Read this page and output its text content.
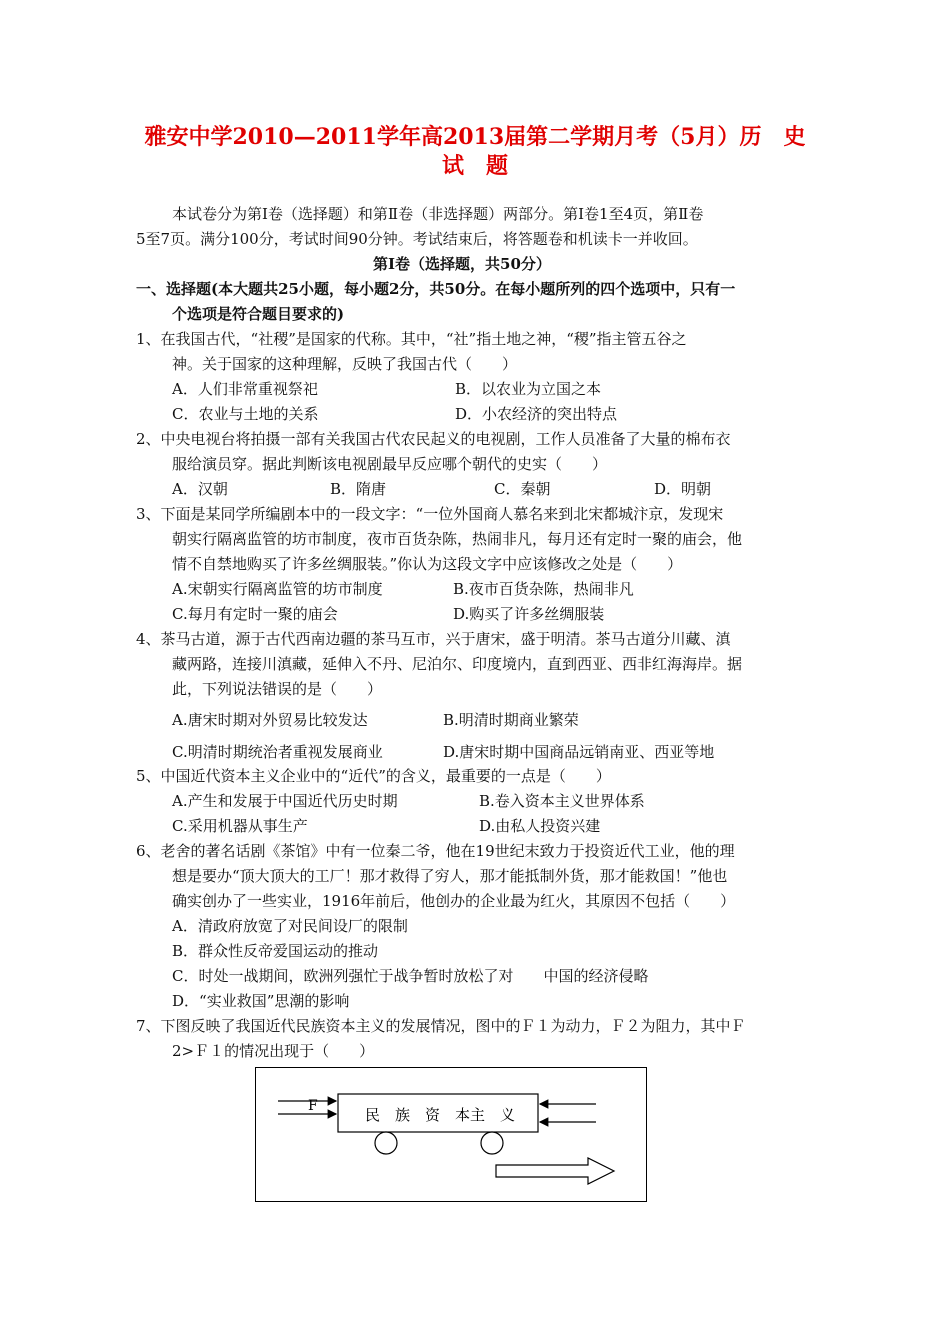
雅安中学2010—2011学年高2013届第二学期月考（5月）历　史
试　题
本试卷分为第Ⅰ卷（选择题）和第Ⅱ卷（非选择题）两部分。第Ⅰ卷1至4页，第Ⅱ卷
5至7页。满分100分，考试时间90分钟。考试结束后，将答题卷和机读卡一并收回。
第Ⅰ卷（选择题，共50分）
一、选择题(本大题共25小题，每小题2分，共50分。在每小题所列的四个选项中，只有一
个选项是符合题目要求的)
1、在我国古代，“社稷”是国家的代称。其中，“社”指土地之神，“稷”指主管五谷之
神。关于国家的这种理解，反映了我国古代（　　）
A．人们非常重视祭祀	B．以农业为立国之本
C．农业与土地的关系	D．小农经济的突出特点
2、中央电视台将拍摄一部有关我国古代农民起义的电视剧，工作人员准备了大量的棉布衣
服给演员穿。据此判断该电视剧最早反应哪个朝代的史实（　　）
A．汉朝	B．隋唐	C．秦朝	D．明朝
3、下面是某同学所编剧本中的一段文字：“一位外国商人慕名来到北宋都城汴京，发现宋
朝实行隔离监管的坊市制度，夜市百货杂陈，热闹非凡，每月还有定时一聚的庙会，他
情不自禁地购买了许多丝绸服装。”你认为这段文字中应该修改之处是（　　）
A.宋朝实行隔离监管的坊市制度	B.夜市百货杂陈，热闹非凡
C.每月有定时一聚的庙会	D.购买了许多丝绸服装
4、茶马古道，源于古代西南边疆的茶马互市，兴于唐宋，盛于明清。茶马古道分川藏、滇
藏两路，连接川滇藏，延伸入不丹、尼泊尔、印度境内，直到西亚、西非红海海岸。据
此，下列说法错误的是（　　）
A.唐宋时期对外贸易比较发达	B.明清时期商业繁荣
C.明清时期统治者重视发展商业	D.唐宋时期中国商品远销南亚、西亚等地
5、中国近代资本主义企业中的“近代”的含义，最重要的一点是（　　）
A.产生和发展于中国近代历史时期	B.卷入资本主义世界体系
C.采用机器从事生产	D.由私人投资兴建
6、老舍的著名话剧《茶馆》中有一位秦二爷，他在19世纪末致力于投资近代工业，他的理
想是要办“顶大顶大的工厂！那才救得了穷人，那才能抵制外货，那才能救国！”他也
确实创办了一些实业，1916年前后，他创办的企业最为红火，其原因不包括（　　）
A．清政府放宽了对民间设厂的限制
B．群众性反帝爱国运动的推动
C．时处一战期间，欧洲列强忙于战争暂时放松了对　　中国的经济侵略
D．“实业救国”思潮的影响
7、下图反映了我国近代民族资本主义的发展情况，图中的Ｆ１为动力，Ｆ２为阻力，其中Ｆ
2>Ｆ１的情况出现于（　　）
民　族　资　本主　义
F
